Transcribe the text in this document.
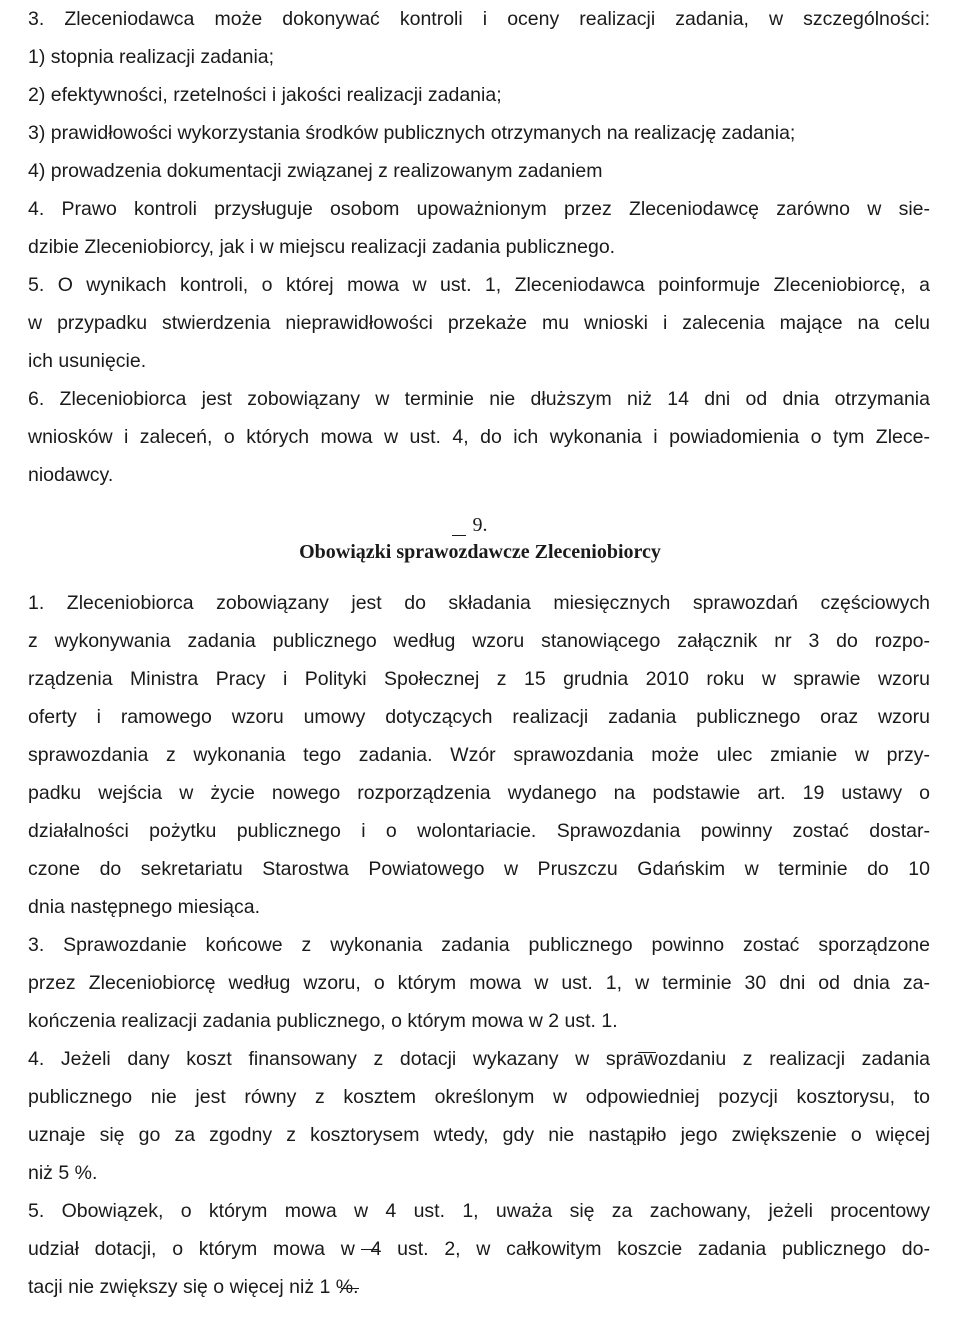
3. Zleceniodawca może dokonywać kontroli i oceny realizacji zadania, w szczególności:
1) stopnia realizacji zadania;
2) efektywności, rzetelności i jakości realizacji zadania;
3) prawidłowości wykorzystania środków publicznych otrzymanych na realizację zadania;
4) prowadzenia dokumentacji związanej z realizowanym zadaniem
4. Prawo kontroli przysługuje osobom upoważnionym przez Zleceniodawcę zarówno w sie-
dzibie Zleceniobiorcy, jak i w miejscu realizacji zadania publicznego.
5. O wynikach kontroli, o której mowa w ust. 1, Zleceniodawca poinformuje Zleceniobiorcę, a
w przypadku stwierdzenia nieprawidłowości przekaże mu wnioski i zalecenia mające na celu
ich usunięcie.
6. Zleceniobiorca jest zobowiązany w terminie nie dłuższym niż 14 dni od dnia otrzymania
wniosków i zaleceń, o których mowa w ust. 4, do ich wykonania i powiadomienia o tym Zlece-
niodawcy.
9.
Obowiązki sprawozdawcze Zleceniobiorcy
1. Zleceniobiorca zobowiązany jest do składania miesięcznych sprawozdań częściowych
z wykonywania zadania publicznego według wzoru stanowiącego załącznik nr 3 do rozpo-
rządzenia Ministra Pracy i Polityki Społecznej z 15 grudnia 2010 roku w sprawie wzoru
oferty i ramowego wzoru umowy dotyczących realizacji zadania publicznego oraz wzoru
sprawozdania z wykonania tego zadania. Wzór sprawozdania może ulec zmianie w przy-
padku wejścia w życie nowego rozporządzenia wydanego na podstawie art. 19 ustawy o
działalności pożytku publicznego i o wolontariacie. Sprawozdania powinny zostać dostar-
czone do sekretariatu Starostwa Powiatowego w Pruszczu Gdańskim w terminie do 10
dnia następnego miesiąca.
3. Sprawozdanie końcowe z wykonania zadania publicznego powinno zostać sporządzone
przez Zleceniobiorcę według wzoru, o którym mowa w ust. 1, w terminie 30 dni od dnia za-
kończenia realizacji zadania publicznego, o którym mowa w 2 ust. 1.
4. Jeżeli dany koszt finansowany z dotacji wykazany w sprawozdaniu z realizacji zadania
publicznego nie jest równy z kosztem określonym w odpowiedniej pozycji kosztorysu, to
uznaje się go za zgodny z kosztorysem wtedy, gdy nie nastąpiło jego zwiększenie o więcej
niż 5 %.
5. Obowiązek, o którym mowa w 4 ust. 1, uważa się za zachowany, jeżeli procentowy
udział dotacji, o którym mowa w 4 ust. 2, w całkowitym koszcie zadania publicznego do-
tacji nie zwiększy się o więcej niż 1 %.
